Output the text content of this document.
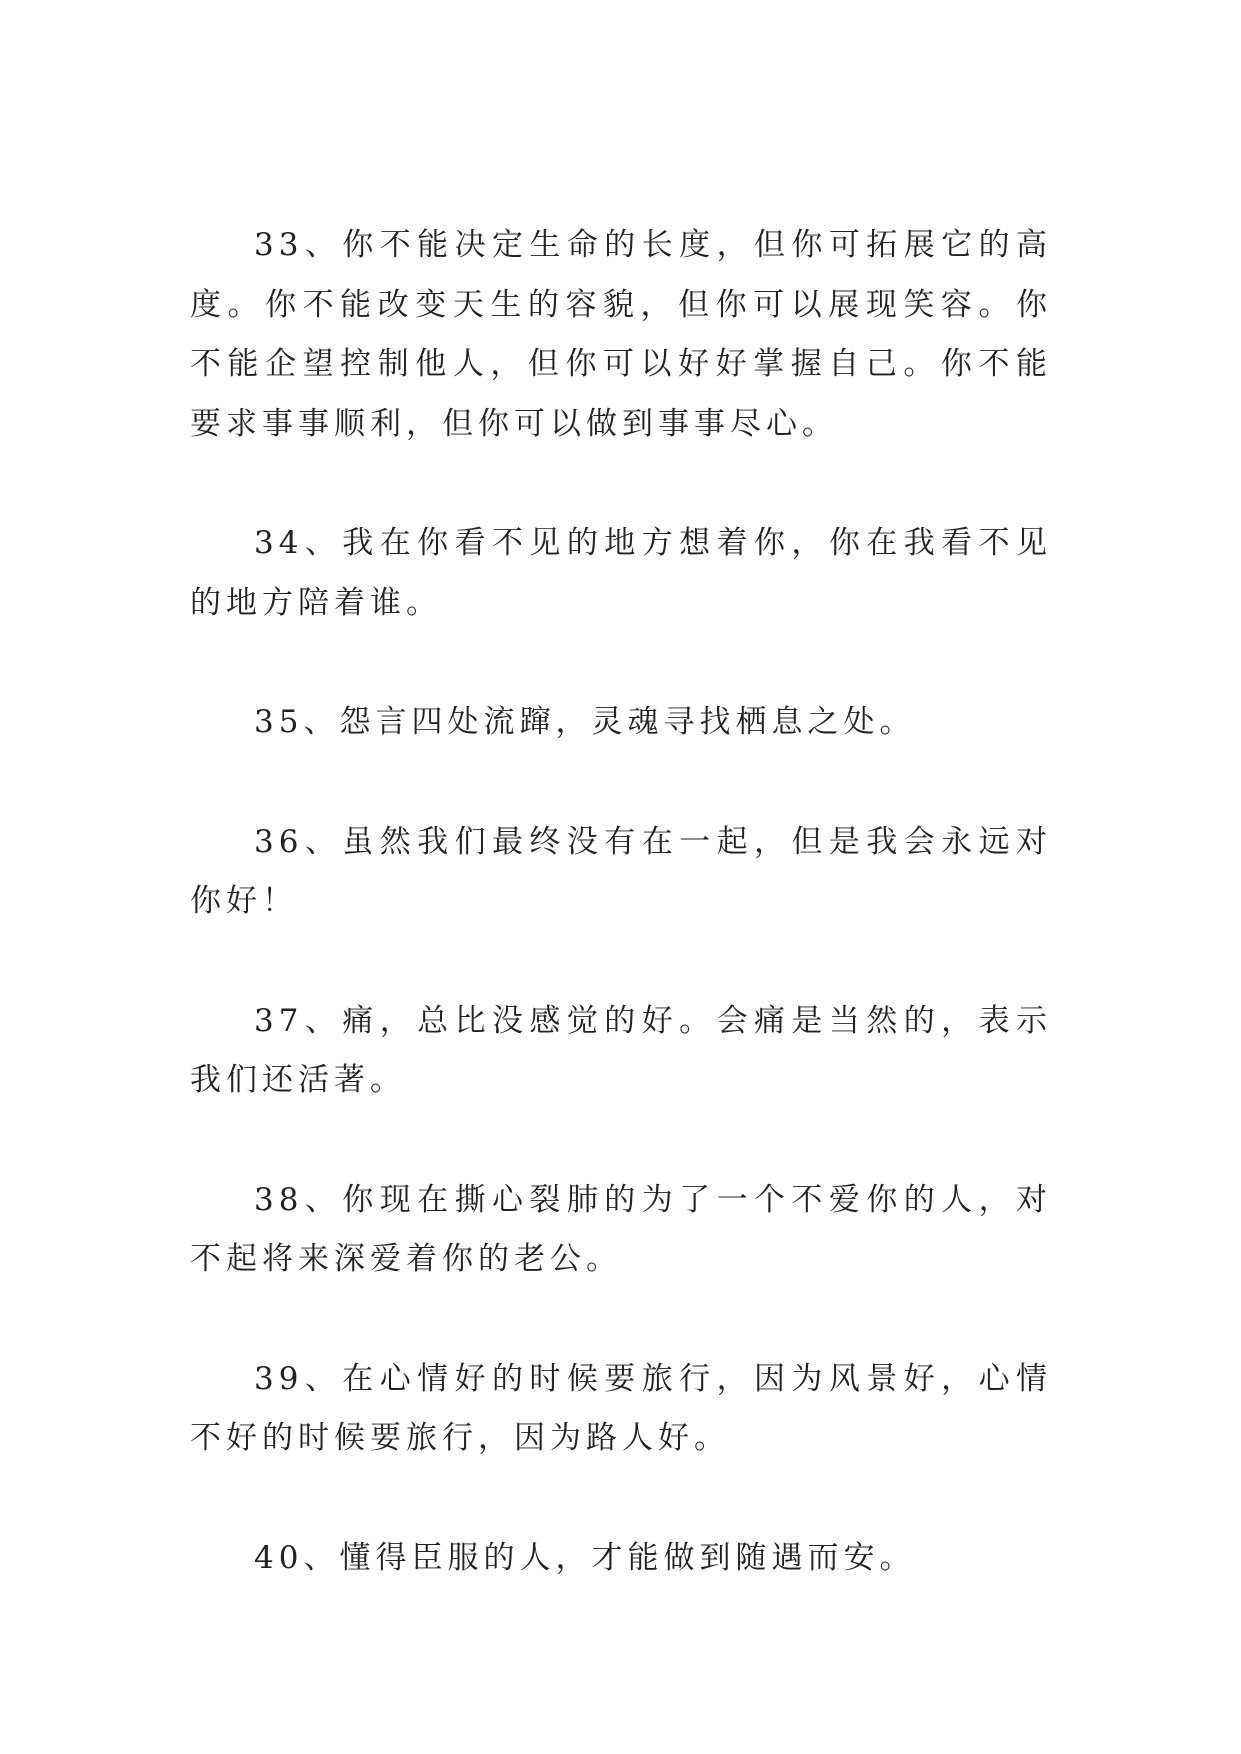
33、你不能决定生命的长度，但你可拓展它的高度。你不能改变天生的容貌，但你可以展现笑容。你不能企望控制他人，但你可以好好掌握自己。你不能要求事事顺利，但你可以做到事事尽心。

34、我在你看不见的地方想着你，你在我看不见的地方陪着谁。

35、怨言四处流蹿，灵魂寻找栖息之处。

36、虽然我们最终没有在一起，但是我会永远对你好！

37、痛，总比没感觉的好。会痛是当然的，表示我们还活著。

38、你现在撕心裂肺的为了一个不爱你的人，对不起将来深爱着你的老公。

39、在心情好的时候要旅行，因为风景好，心情不好的时候要旅行，因为路人好。

40、懂得臣服的人，才能做到随遇而安。
